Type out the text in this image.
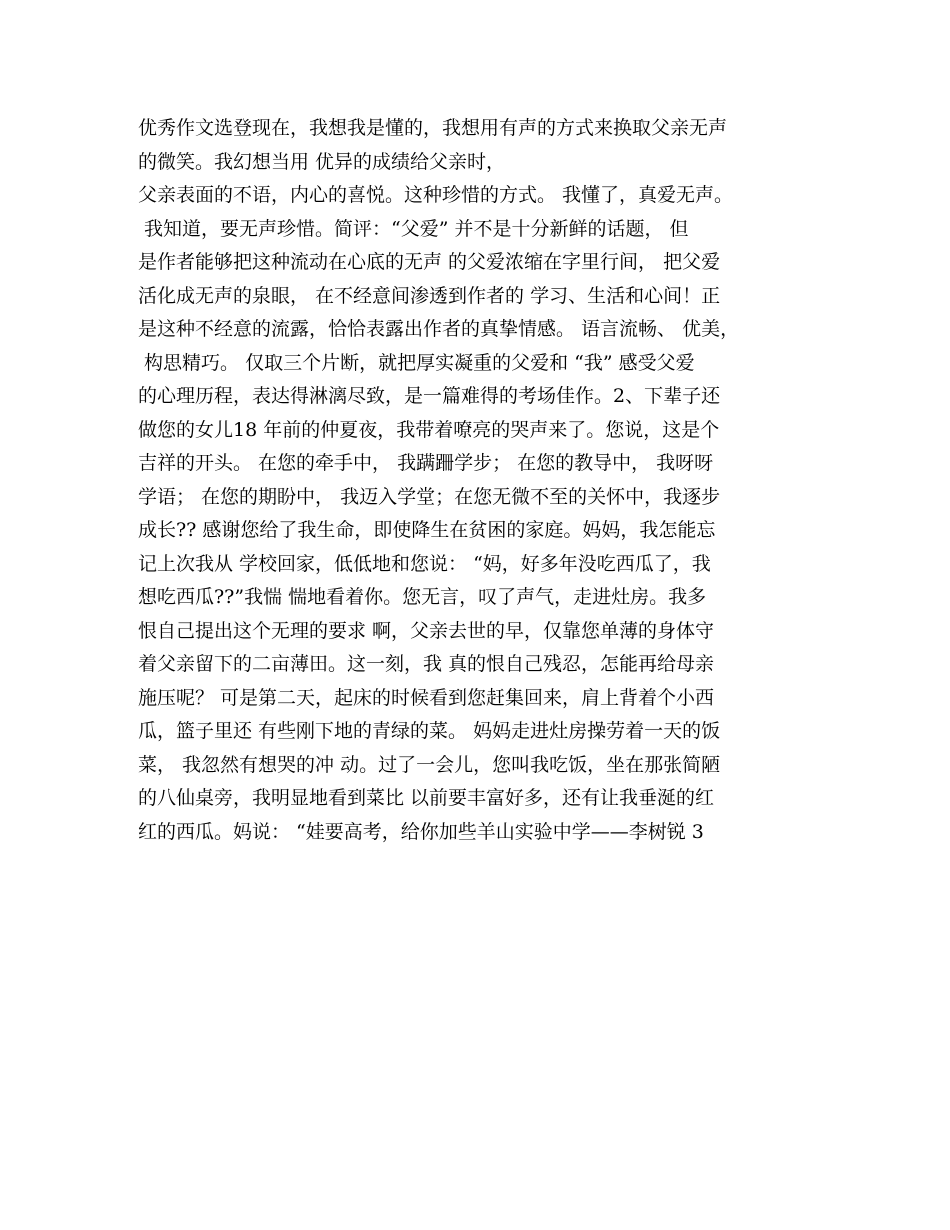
优秀作文选登现在，我想我是懂的，我想用有声的方式来换取父亲无声
的微笑。我幻想当用 优异的成绩给父亲时，
父亲表面的不语，内心的喜悦。这种珍惜的方式。 我懂了，真爱无声。
我知道，要无声珍惜。简评：“父爱” 并不是十分新鲜的话题， 但
是作者能够把这种流动在心底的无声 的父爱浓缩在字里行间， 把父爱
活化成无声的泉眼， 在不经意间渗透到作者的 学习、生活和心间！正
是这种不经意的流露，恰恰表露出作者的真挚情感。 语言流畅、 优美，
构思精巧。 仅取三个片断，就把厚实凝重的父爱和 “我” 感受父爱
的心理历程，表达得淋漓尽致，是一篇难得的考场佳作。2、下辈子还
做您的女儿18 年前的仲夏夜，我带着嘹亮的哭声来了。您说，这是个
吉祥的开头。 在您的牵手中， 我蹒跚学步； 在您的教导中， 我呀呀
学语； 在您的期盼中， 我迈入学堂；在您无微不至的关怀中，我逐步
成长?? 感谢您给了我生命，即使降生在贫困的家庭。妈妈，我怎能忘
记上次我从 学校回家，低低地和您说： “妈，好多年没吃西瓜了，我
想吃西瓜??”我惴 惴地看着你。您无言，叹了声气，走进灶房。我多
恨自己提出这个无理的要求 啊，父亲去世的早，仅靠您单薄的身体守
着父亲留下的二亩薄田。这一刻，我 真的恨自己残忍，怎能再给母亲
施压呢？ 可是第二天，起床的时候看到您赶集回来，肩上背着个小西
瓜，篮子里还 有些刚下地的青绿的菜。 妈妈走进灶房操劳着一天的饭
菜， 我忽然有想哭的冲 动。过了一会儿，您叫我吃饭，坐在那张简陋
的八仙桌旁，我明显地看到菜比 以前要丰富好多，还有让我垂涎的红
红的西瓜。妈说： “娃要高考，给你加些羊山实验中学——李树锐 3
